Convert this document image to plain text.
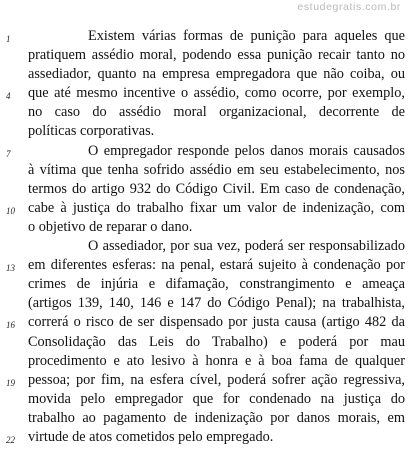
estudegratis.com.br
1	Existem várias formas de punição para aqueles que
pratiquem assédio moral, podendo essa punição recair tanto no
assediador, quanto na empresa empregadora que não coiba, ou
4 que até mesmo incentive o assédio, como ocorre, por exemplo,
no caso do assédio moral organizacional, decorrente de
políticas corporativas.
7	O empregador responde pelos danos morais causados
à vítima que tenha sofrido assédio em seu estabelecimento, nos
termos do artigo 932 do Código Civil. Em caso de condenação,
10 cabe à justiça do trabalho fixar um valor de indenização, com
o objetivo de reparar o dano.
O assediador, por sua vez, poderá ser responsabilizado
13 em diferentes esferas: na penal, estará sujeito à condenação por
crimes de injúria e difamação, constrangimento e ameaça
(artigos 139, 140, 146 e 147 do Código Penal); na trabalhista,
16 correrá o risco de ser dispensado por justa causa (artigo 482 da
Consolidação das Leis do Trabalho) e poderá por mau
procedimento e ato lesivo à honra e à boa fama de qualquer
19 pessoa; por fim, na esfera cível, poderá sofrer ação regressiva,
movida pelo empregador que for condenado na justiça do
trabalho ao pagamento de indenização por danos morais, em
22 virtude de atos cometidos pelo empregado.
